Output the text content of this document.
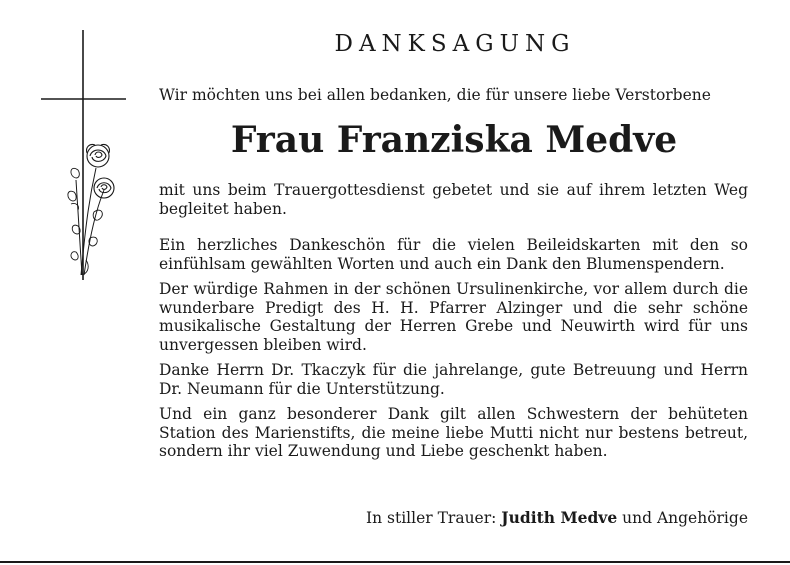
DANKSAGUNG

Wir möchten uns bei allen bedanken, die für unsere liebe Verstorbene

Frau Franziska Medve

mit uns beim Trauergottesdienst gebetet und sie auf ihrem letzten Weg begleitet haben.

Ein herzliches Dankeschön für die vielen Beileidskarten mit den so einfühlsam gewählten Worten und auch ein Dank den Blumenspendern.

Der würdige Rahmen in der schönen Ursulinenkirche, vor allem durch die wunderbare Predigt des H. H. Pfarrer Alzinger und die sehr schöne musikalische Gestaltung der Herren Grebe und Neuwirth wird für uns unvergessen bleiben wird.

Danke Herrn Dr. Tkaczyk für die jahrelange, gute Betreuung und Herrn Dr. Neumann für die Unterstützung.

Und ein ganz besonderer Dank gilt allen Schwestern der behüteten Station des Marienstifts, die meine liebe Mutti nicht nur bestens betreut, sondern ihr viel Zuwendung und Liebe geschenkt haben.

In stiller Trauer: Judith Medve und Angehörige
